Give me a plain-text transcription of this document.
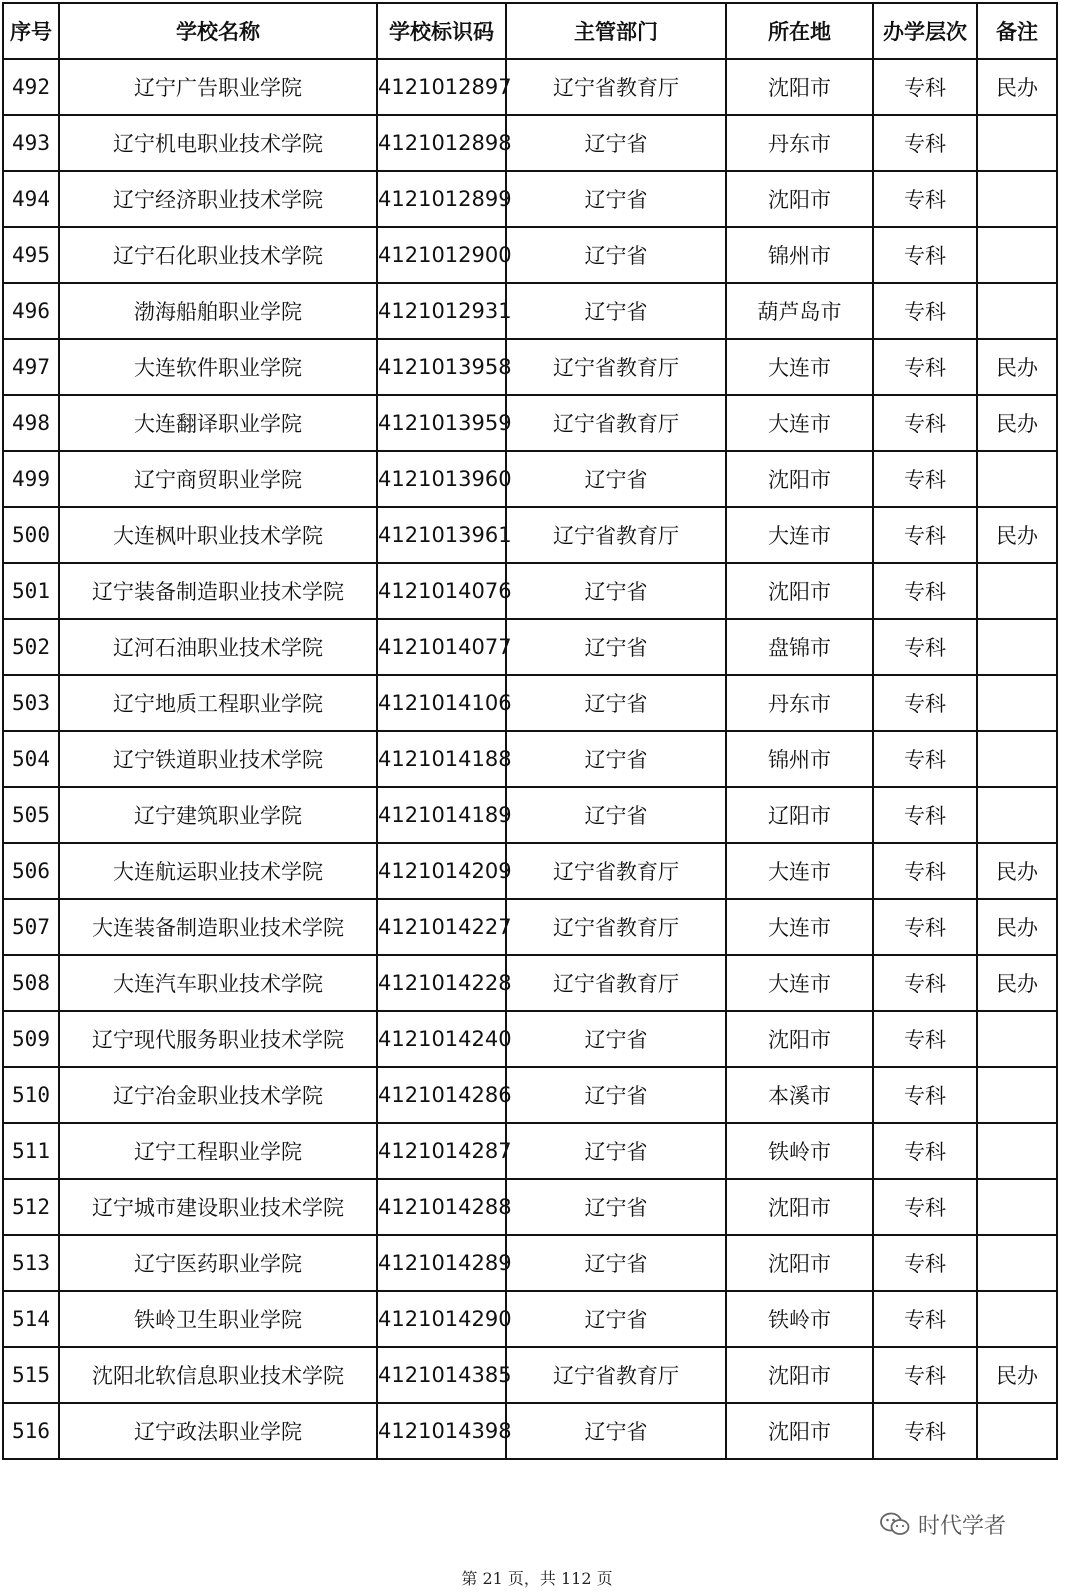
序号	学校名称	学校标识码	主管部门	所在地	办学层次	备注
492	辽宁广告职业学院	4121012897	辽宁省教育厅	沈阳市	专科	民办
493	辽宁机电职业技术学院	4121012898	辽宁省	丹东市	专科	
494	辽宁经济职业技术学院	4121012899	辽宁省	沈阳市	专科	
495	辽宁石化职业技术学院	4121012900	辽宁省	锦州市	专科	
496	渤海船舶职业学院	4121012931	辽宁省	葫芦岛市	专科	
497	大连软件职业学院	4121013958	辽宁省教育厅	大连市	专科	民办
498	大连翻译职业学院	4121013959	辽宁省教育厅	大连市	专科	民办
499	辽宁商贸职业学院	4121013960	辽宁省	沈阳市	专科	
500	大连枫叶职业技术学院	4121013961	辽宁省教育厅	大连市	专科	民办
501	辽宁装备制造职业技术学院	4121014076	辽宁省	沈阳市	专科	
502	辽河石油职业技术学院	4121014077	辽宁省	盘锦市	专科	
503	辽宁地质工程职业学院	4121014106	辽宁省	丹东市	专科	
504	辽宁铁道职业技术学院	4121014188	辽宁省	锦州市	专科	
505	辽宁建筑职业学院	4121014189	辽宁省	辽阳市	专科	
506	大连航运职业技术学院	4121014209	辽宁省教育厅	大连市	专科	民办
507	大连装备制造职业技术学院	4121014227	辽宁省教育厅	大连市	专科	民办
508	大连汽车职业技术学院	4121014228	辽宁省教育厅	大连市	专科	民办
509	辽宁现代服务职业技术学院	4121014240	辽宁省	沈阳市	专科	
510	辽宁冶金职业技术学院	4121014286	辽宁省	本溪市	专科	
511	辽宁工程职业学院	4121014287	辽宁省	铁岭市	专科	
512	辽宁城市建设职业技术学院	4121014288	辽宁省	沈阳市	专科	
513	辽宁医药职业学院	4121014289	辽宁省	沈阳市	专科	
514	铁岭卫生职业学院	4121014290	辽宁省	铁岭市	专科	
515	沈阳北软信息职业技术学院	4121014385	辽宁省教育厅	沈阳市	专科	民办
516	辽宁政法职业学院	4121014398	辽宁省	沈阳市	专科	
时代学者
第 21 页，共 112 页
